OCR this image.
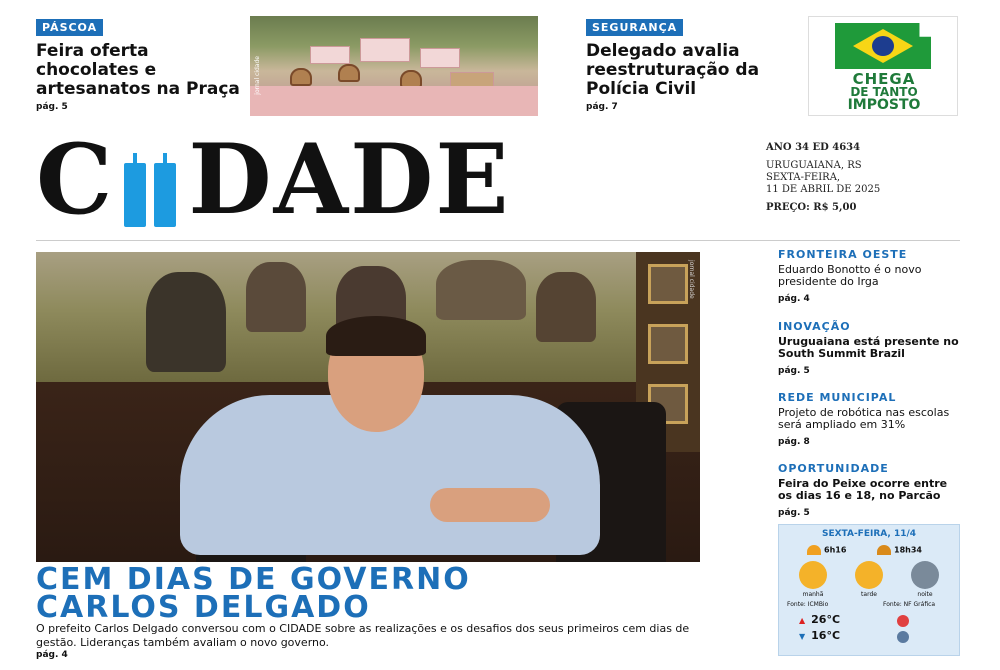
PÁSCOA
Feira oferta chocolates e artesanatos na Praça
pág. 5
jornal cidade
SEGURANÇA
Delegado avalia reestruturação da Polícia Civil
pág. 7
CHEGA
DE TANTO
IMPOSTO
C DADE	ANO 34 ED 4634
URUGUAIANA, RS
SEXTA-FEIRA,
11 DE ABRIL DE 2025
PREÇO: R$ 5,00
jornal cidade
CEM DIAS DE GOVERNO
CARLOS DELGADO
O prefeito Carlos Delgado conversou com o CIDADE sobre as realizações e os desafios dos seus primeiros cem dias de gestão. Lideranças também avaliam o novo governo.
pág. 4
FRONTEIRA OESTE
Eduardo Bonotto é o novo presidente do Irga
pág. 4
INOVAÇÃO
Uruguaiana está presente no South Summit Brazil
pág. 5
REDE MUNICIPAL
Projeto de robótica nas escolas será ampliado em 31%
pág. 8
OPORTUNIDADE
Feira do Peixe ocorre entre os dias 16 e 18, no Parcão
pág. 5
SEXTA-FEIRA, 11/4
6h16	18h34
manhã	tarde	noite
Fonte: ICMBio	Fonte: NF Gráfica
▲ 26°C
▼ 16°C
